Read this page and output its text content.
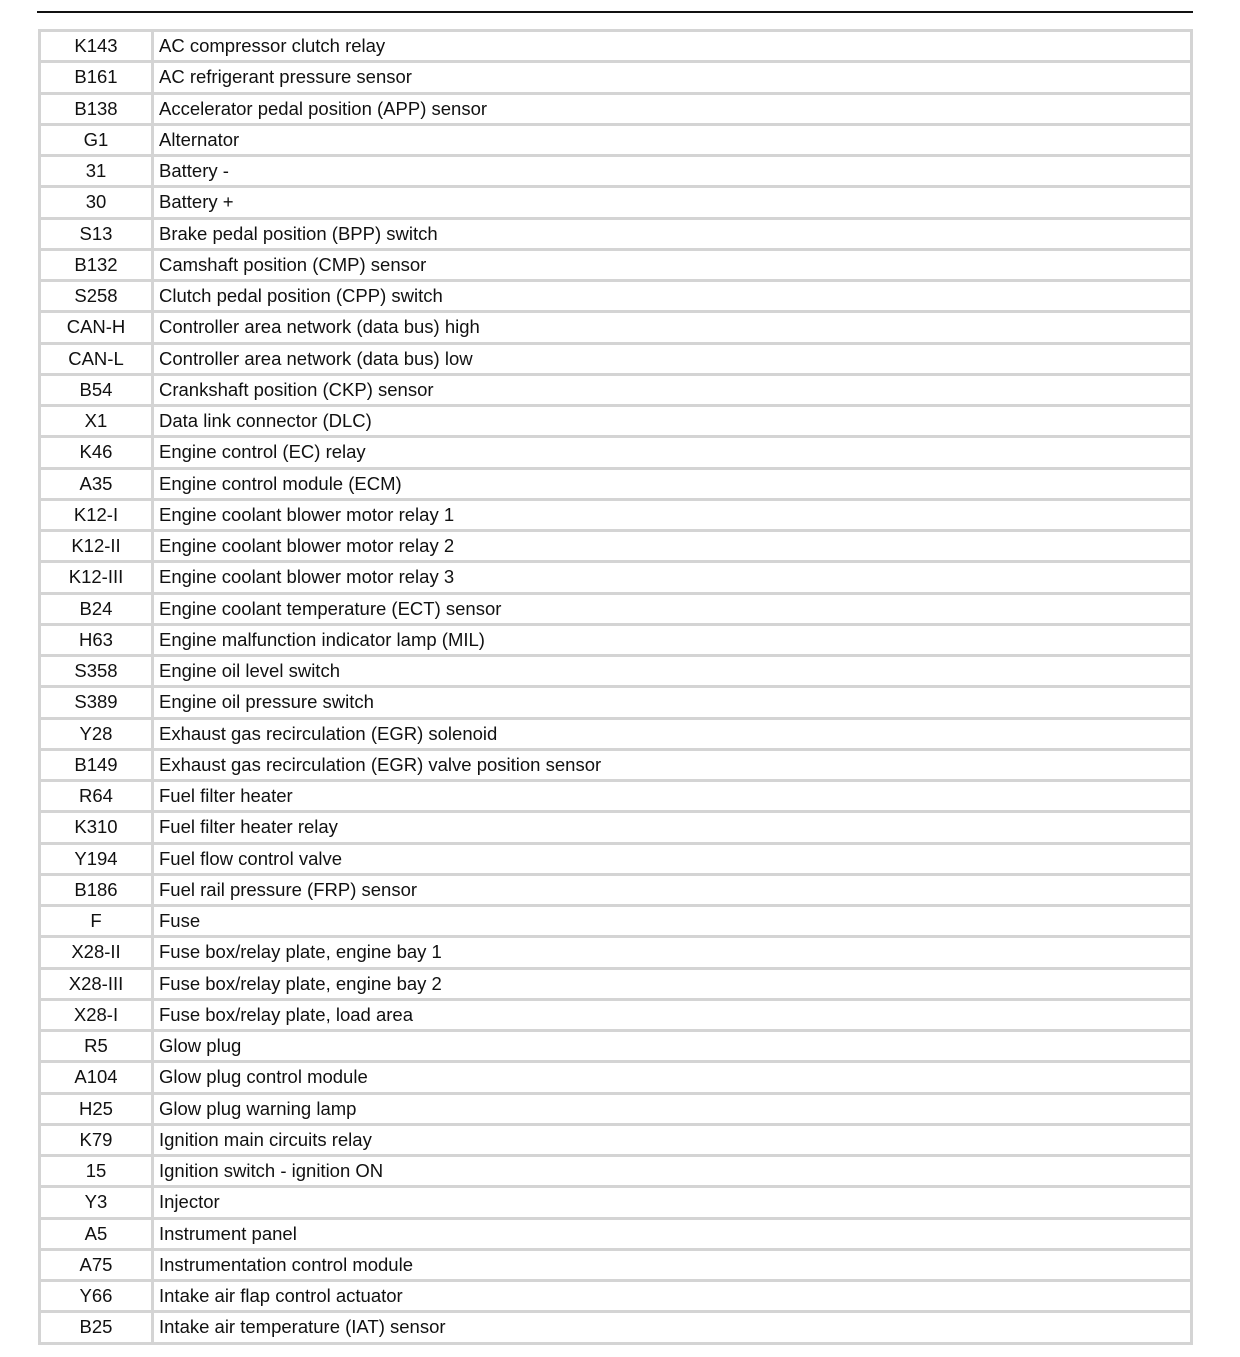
K143	AC compressor clutch relay
B161	AC refrigerant pressure sensor
B138	Accelerator pedal position (APP) sensor
G1	Alternator
31	Battery -
30	Battery +
S13	Brake pedal position (BPP) switch
B132	Camshaft position (CMP) sensor
S258	Clutch pedal position (CPP) switch
CAN-H	Controller area network (data bus) high
CAN-L	Controller area network (data bus) low
B54	Crankshaft position (CKP) sensor
X1	Data link connector (DLC)
K46	Engine control (EC) relay
A35	Engine control module (ECM)
K12-I	Engine coolant blower motor relay 1
K12-II	Engine coolant blower motor relay 2
K12-III	Engine coolant blower motor relay 3
B24	Engine coolant temperature (ECT) sensor
H63	Engine malfunction indicator lamp (MIL)
S358	Engine oil level switch
S389	Engine oil pressure switch
Y28	Exhaust gas recirculation (EGR) solenoid
B149	Exhaust gas recirculation (EGR) valve position sensor
R64	Fuel filter heater
K310	Fuel filter heater relay
Y194	Fuel flow control valve
B186	Fuel rail pressure (FRP) sensor
F	Fuse
X28-II	Fuse box/relay plate, engine bay 1
X28-III	Fuse box/relay plate, engine bay 2
X28-I	Fuse box/relay plate, load area
R5	Glow plug
A104	Glow plug control module
H25	Glow plug warning lamp
K79	Ignition main circuits relay
15	Ignition switch - ignition ON
Y3	Injector
A5	Instrument panel
A75	Instrumentation control module
Y66	Intake air flap control actuator
B25	Intake air temperature (IAT) sensor
